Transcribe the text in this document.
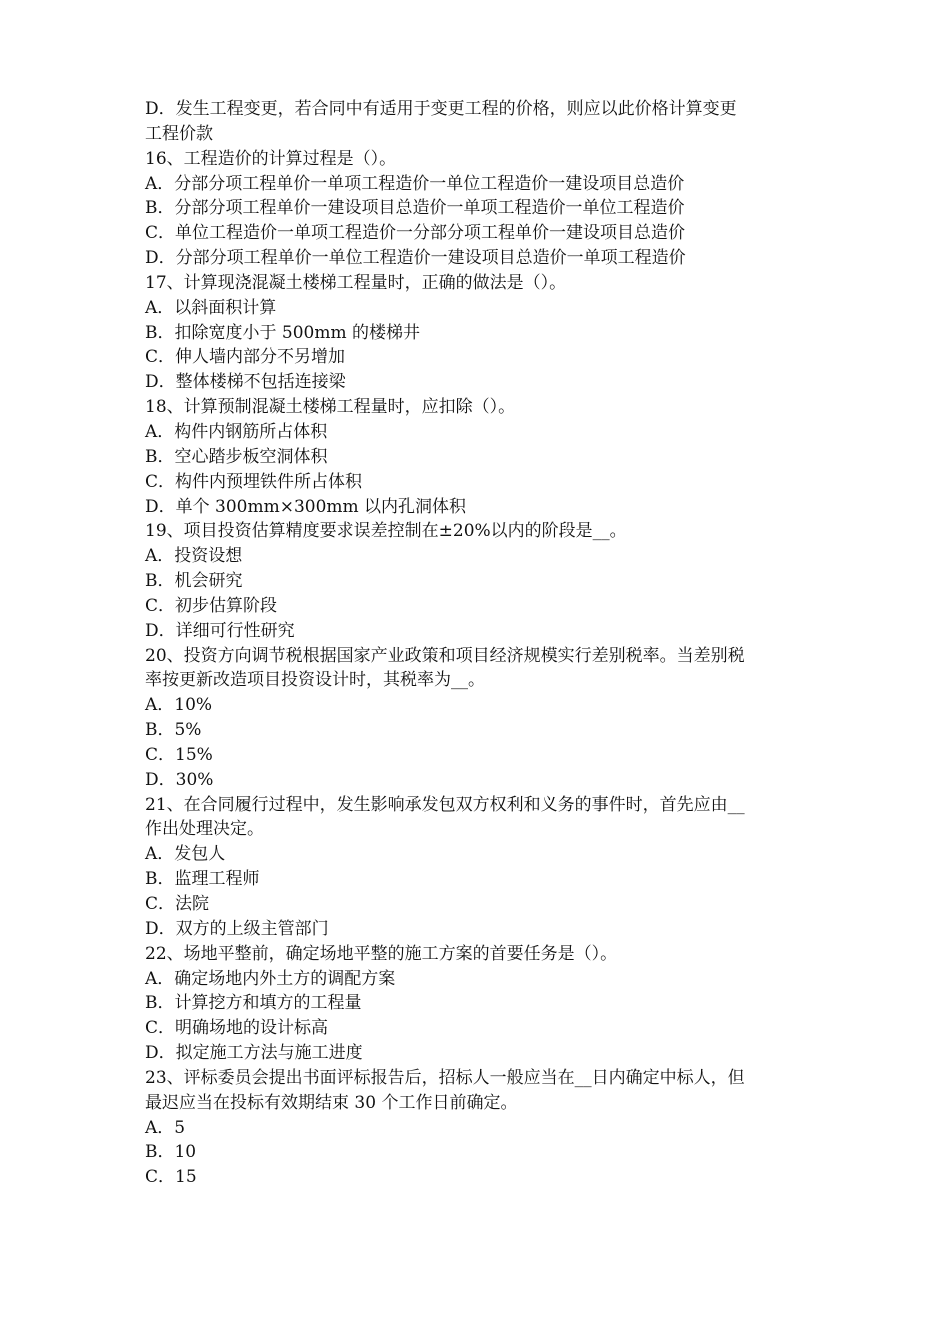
D．发生工程变更，若合同中有适用于变更工程的价格，则应以此价格计算变更
工程价款
16、工程造价的计算过程是（）。
A．分部分项工程单价一单项工程造价一单位工程造价一建设项目总造价
B．分部分项工程单价一建设项目总造价一单项工程造价一单位工程造价
C．单位工程造价一单项工程造价一分部分项工程单价一建设项目总造价
D．分部分项工程单价一单位工程造价一建设项目总造价一单项工程造价
17、计算现浇混凝土楼梯工程量时，正确的做法是（）。
A．以斜面积计算
B．扣除宽度小于 500mm 的楼梯井
C．伸人墙内部分不另增加
D．整体楼梯不包括连接梁
18、计算预制混凝土楼梯工程量时，应扣除（）。
A．构件内钢筋所占体积
B．空心踏步板空洞体积
C．构件内预埋铁件所占体积
D．单个 300mm×300mm 以内孔洞体积
19、项目投资估算精度要求误差控制在±20%以内的阶段是__。
A．投资设想
B．机会研究
C．初步估算阶段
D．详细可行性研究
20、投资方向调节税根据国家产业政策和项目经济规模实行差别税率。当差别税
率按更新改造项目投资设计时，其税率为__。
A．10%
B．5%
C．15%
D．30%
21、在合同履行过程中，发生影响承发包双方权利和义务的事件时，首先应由__
作出处理决定。
A．发包人
B．监理工程师
C．法院
D．双方的上级主管部门
22、场地平整前，确定场地平整的施工方案的首要任务是（）。
A．确定场地内外土方的调配方案
B．计算挖方和填方的工程量
C．明确场地的设计标高
D．拟定施工方法与施工进度
23、评标委员会提出书面评标报告后，招标人一般应当在__日内确定中标人，但
最迟应当在投标有效期结束 30 个工作日前确定。
A．5
B．10
C．15
